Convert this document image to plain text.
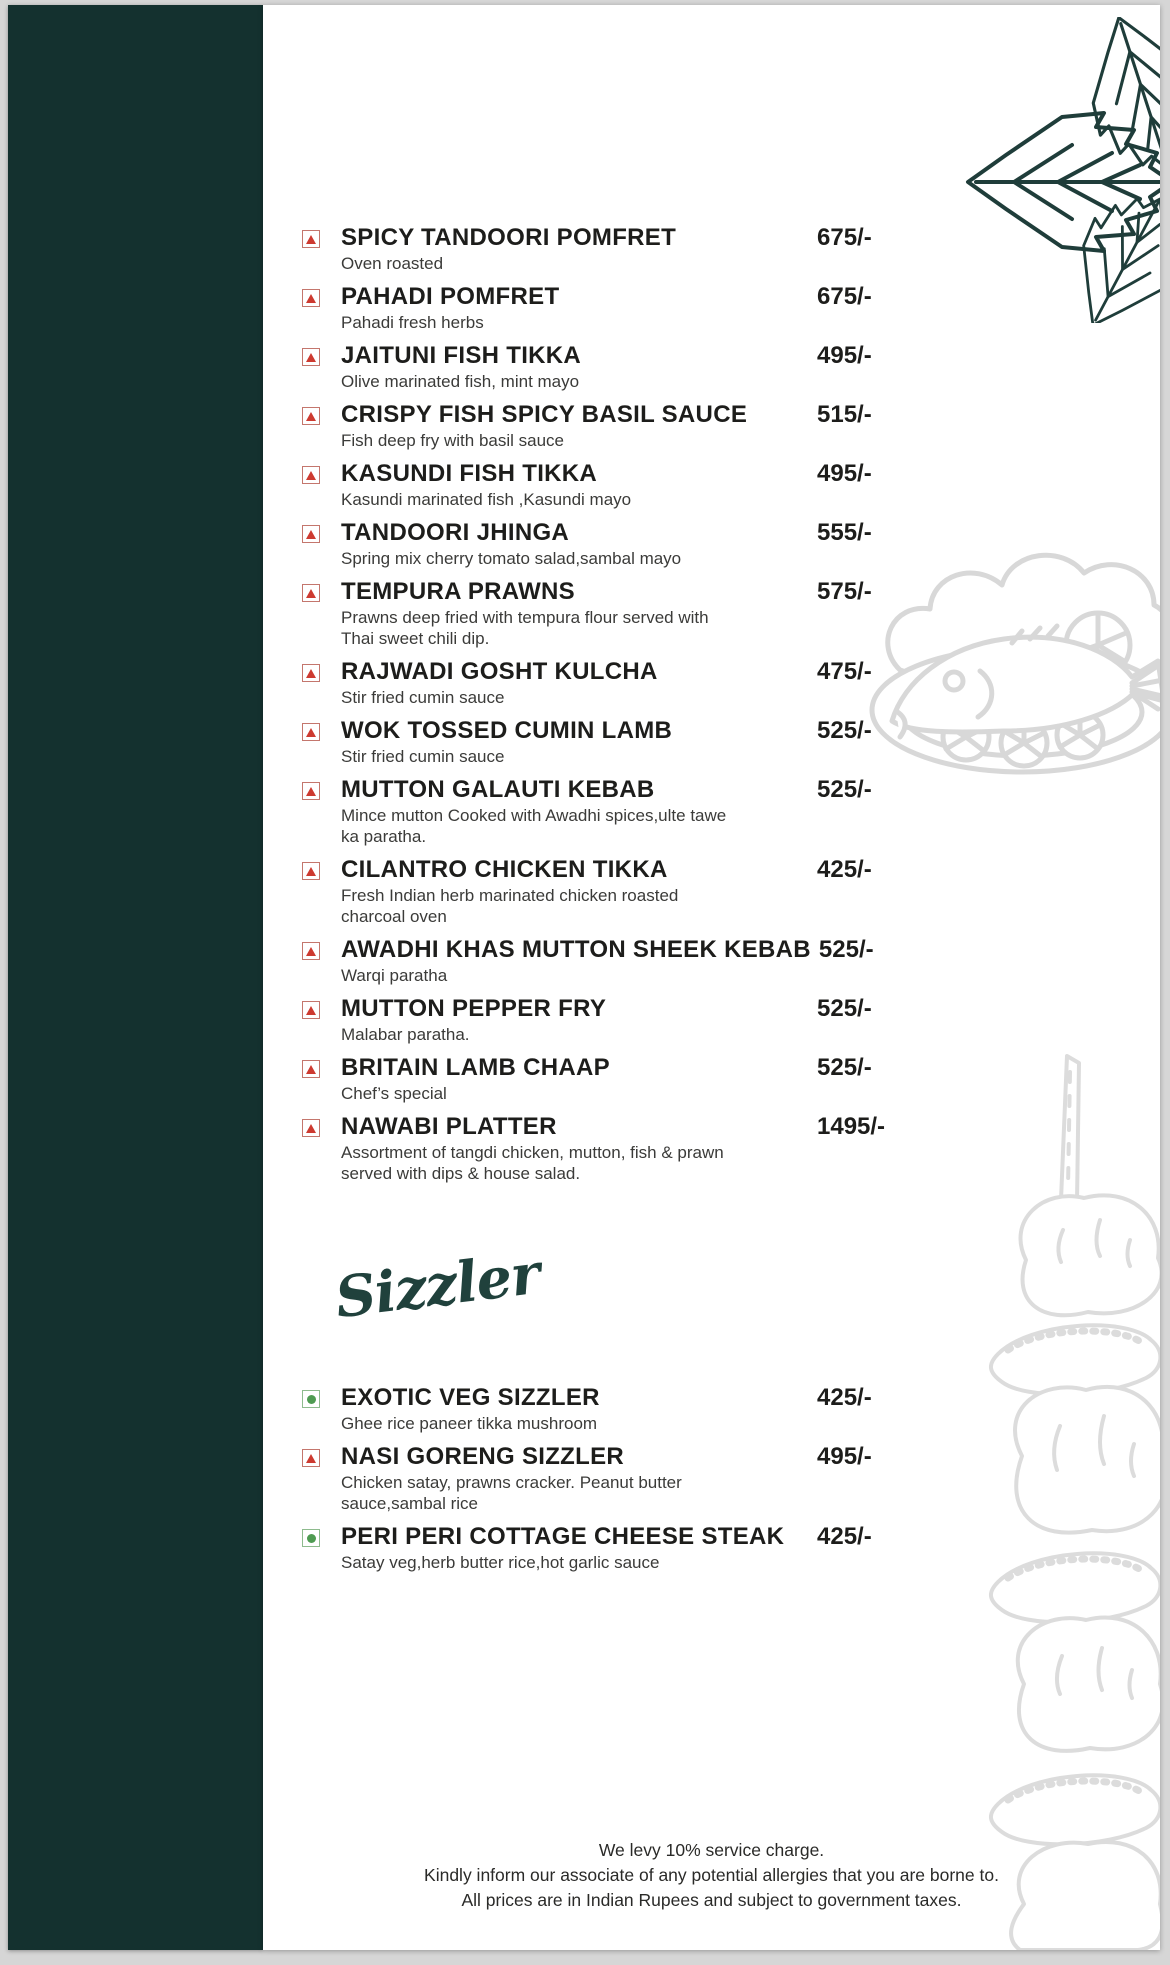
SPICY TANDOORI POMFRET	675/-
Oven roasted
PAHADI POMFRET	675/-
Pahadi fresh herbs
JAITUNI FISH TIKKA	495/-
Olive marinated fish, mint mayo
CRISPY FISH SPICY BASIL SAUCE	515/-
Fish deep fry with basil sauce
KASUNDI FISH TIKKA	495/-
Kasundi marinated fish ,Kasundi mayo
TANDOORI JHINGA	555/-
Spring mix cherry tomato salad,sambal mayo
TEMPURA PRAWNS	575/-
Prawns deep fried with tempura flour served with Thai sweet chili dip.
RAJWADI GOSHT KULCHA	475/-
Stir fried cumin sauce
WOK TOSSED CUMIN LAMB	525/-
Stir fried cumin sauce
MUTTON GALAUTI KEBAB	525/-
Mince mutton Cooked with Awadhi spices,ulte tawe ka paratha.
CILANTRO CHICKEN TIKKA	425/-
Fresh Indian herb marinated chicken roasted charcoal oven
AWADHI KHAS MUTTON SHEEK KEBAB 525/-
Warqi paratha
MUTTON PEPPER FRY	525/-
Malabar paratha.
BRITAIN LAMB CHAAP	525/-
Chef’s special
NAWABI PLATTER	1495/-
Assortment of tangdi chicken, mutton, fish & prawn served with dips & house salad.
Sizzler
EXOTIC VEG SIZZLER	425/-
Ghee rice paneer tikka mushroom
NASI GORENG SIZZLER	495/-
Chicken satay, prawns cracker. Peanut butter sauce,sambal rice
PERI PERI COTTAGE CHEESE STEAK	425/-
Satay veg,herb butter rice,hot garlic sauce
We levy 10% service charge.
Kindly inform our associate of any potential allergies that you are borne to.
All prices are in Indian Rupees and subject to government taxes.
